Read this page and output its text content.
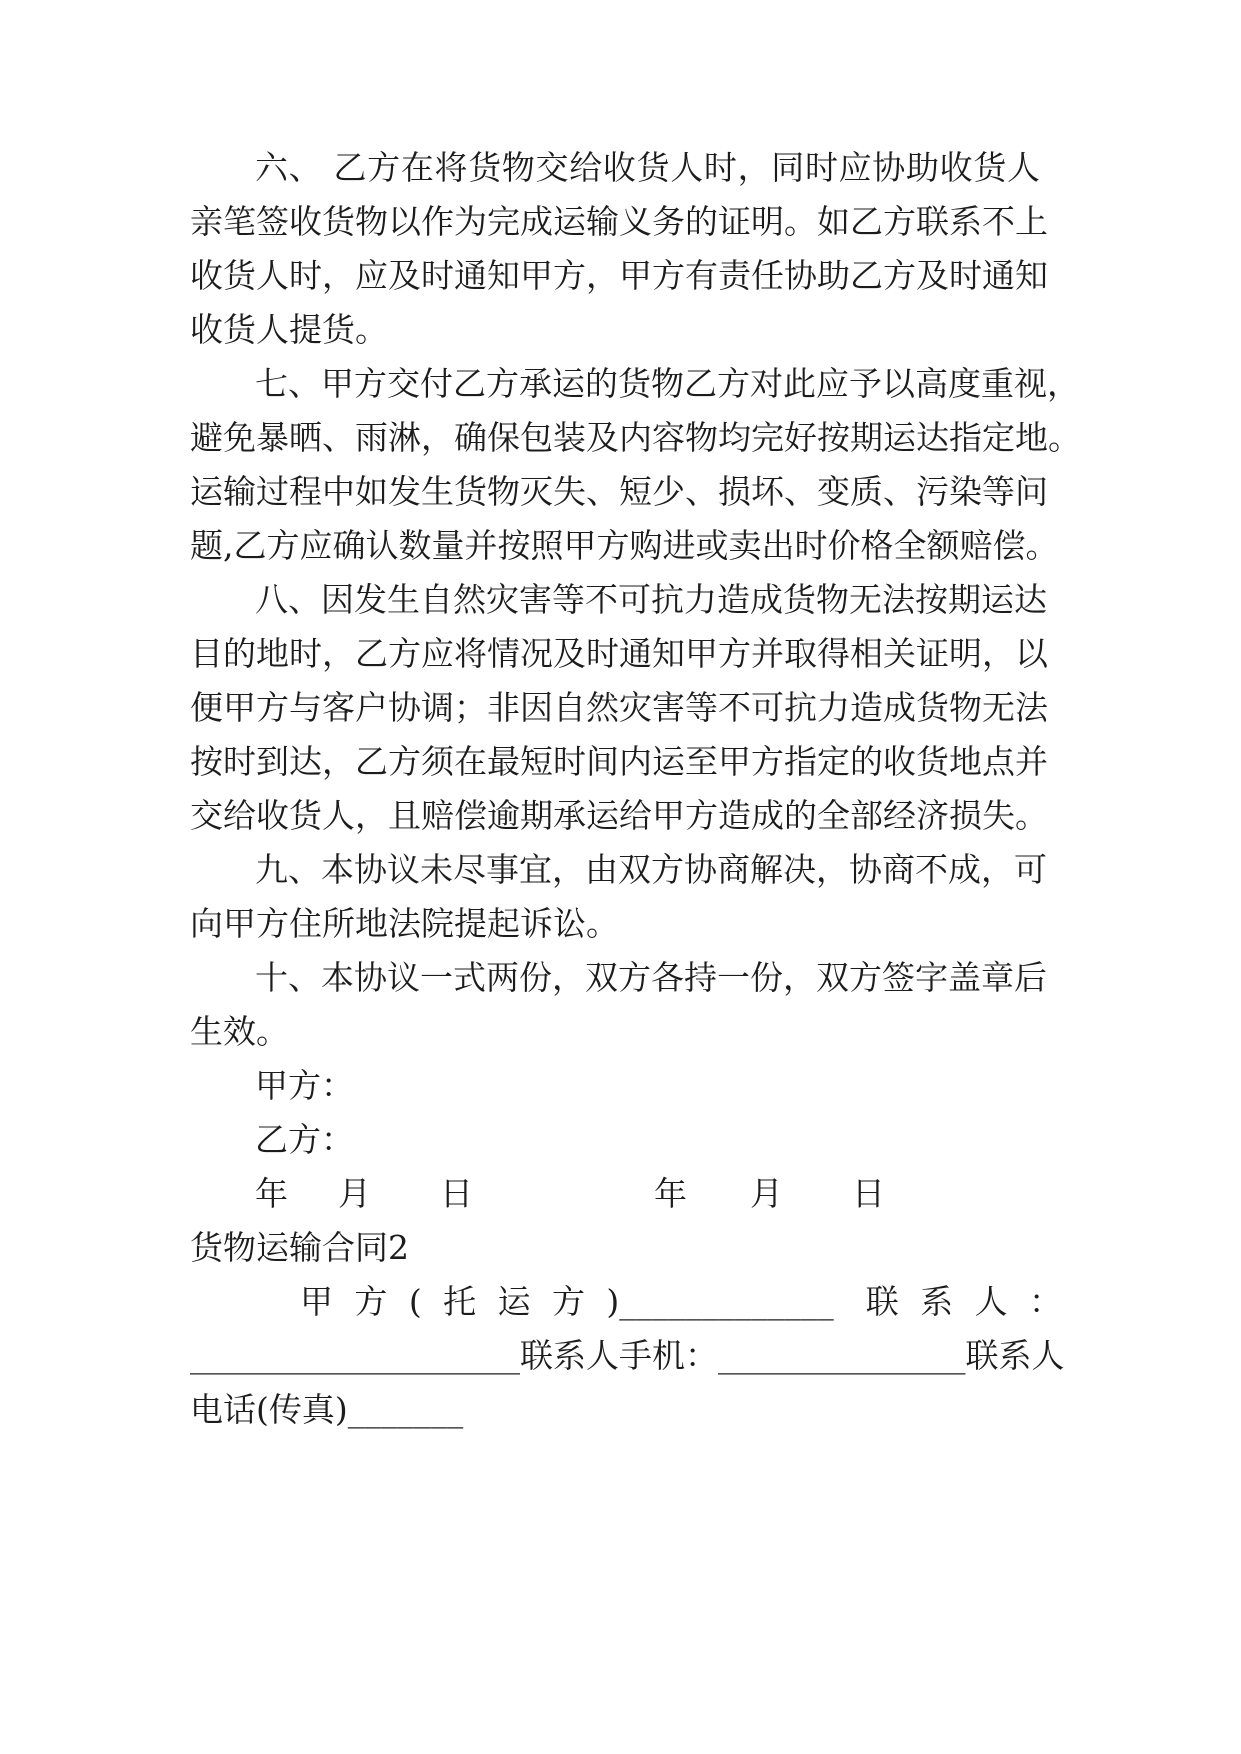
六、 乙方在将货物交给收货人时，同时应协助收货人
亲笔签收货物以作为完成运输义务的证明。如乙方联系不上
收货人时，应及时通知甲方，甲方有责任协助乙方及时通知
收货人提货。
七、甲方交付乙方承运的货物乙方对此应予以高度重视，
避免暴晒、雨淋，确保包装及内容物均完好按期运达指定地。
运输过程中如发生货物灭失、短少、损坏、变质、污染等问
题,乙方应确认数量并按照甲方购进或卖出时价格全额赔偿。
八、因发生自然灾害等不可抗力造成货物无法按期运达
目的地时，乙方应将情况及时通知甲方并取得相关证明，以
便甲方与客户协调；非因自然灾害等不可抗力造成货物无法
按时到达，乙方须在最短时间内运至甲方指定的收货地点并
交给收货人，且赔偿逾期承运给甲方造成的全部经济损失。
九、本协议未尽事宜，由双方协商解决，协商不成，可
向甲方住所地法院提起诉讼。
十、本协议一式两份，双方各持一份，双方签字盖章后
生效。
甲方：
乙方：
年 月 日	年 月 日
货物运输合同2
甲方(托运方)_____________ 联系人：
____________________联系人手机：_______________联系人
电话(传真)_______
